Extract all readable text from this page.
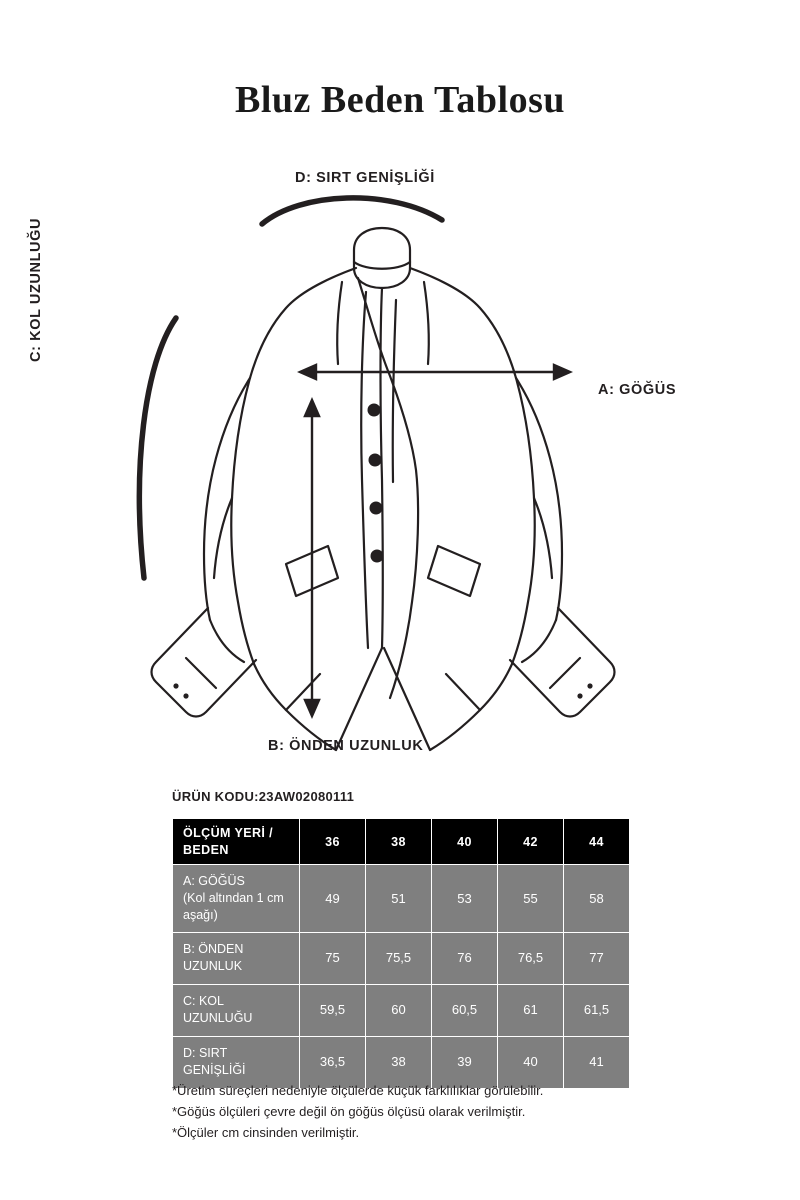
Bluz Beden Tablosu
D: SIRT GENİŞLİĞİ
A: GÖĞÜS
B: ÖNDEN UZUNLUK
C: KOL UZUNLUĞU
ÜRÜN KODU:23AW02080111
ÖLÇÜM YERİ /
BEDEN	36	38	40	42	44

A: GÖĞÜS
(Kol altından 1 cm
aşağı)	49	51	53	55	58

B: ÖNDEN
UZUNLUK	75	75,5	76	76,5	77

C: KOL
UZUNLUĞU	59,5	60	60,5	61	61,5

D: SIRT
GENİŞLİĞİ	36,5	38	39	40	41
*Üretim süreçleri nedeniyle ölçülerde küçük farklılıklar görülebilir.
*Göğüs ölçüleri çevre değil ön göğüs ölçüsü olarak verilmiştir.
*Ölçüler cm cinsinden verilmiştir.
